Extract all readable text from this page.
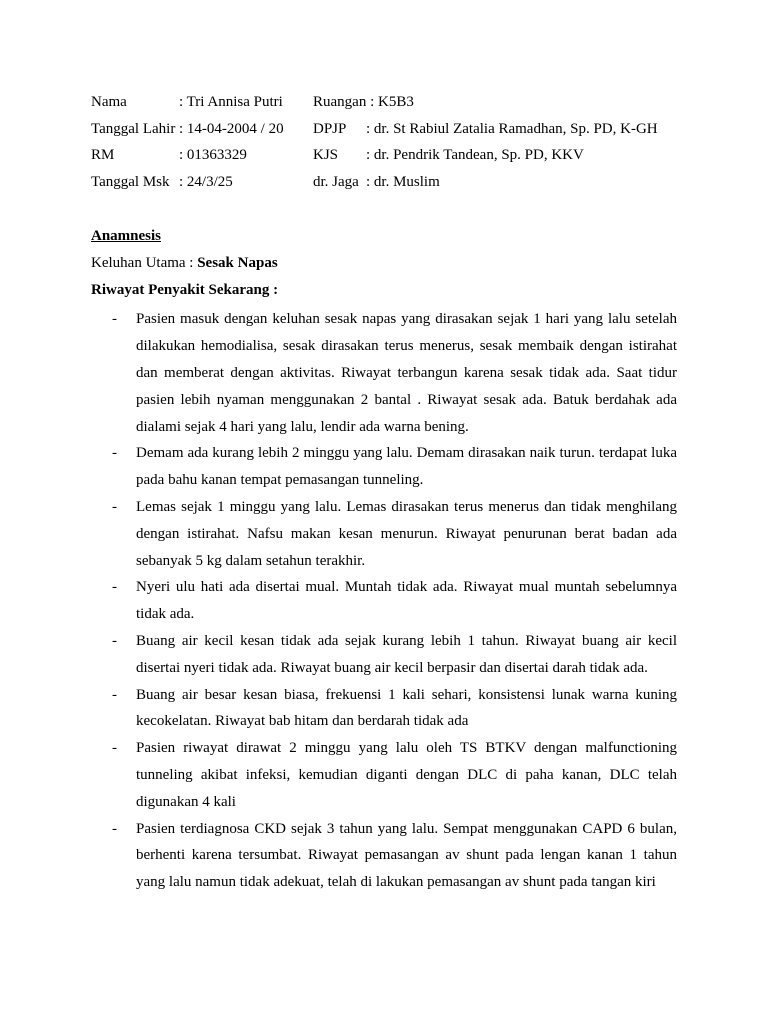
Nama	: Tri Annisa Putri Ruangan : K5B3
Tanggal Lahir : 14-04-2004 / 20 DPJP : dr. St Rabiul Zatalia Ramadhan, Sp. PD, K-GH
RM	: 01363329	KJS : dr. Pendrik Tandean, Sp. PD, KKV
Tanggal Msk : 24/3/25	dr. Jaga : dr. Muslim
Anamnesis
Keluhan Utama : Sesak Napas
Riwayat Penyakit Sekarang :
- Pasien masuk dengan keluhan sesak napas yang dirasakan sejak 1 hari yang lalu setelah dilakukan hemodialisa, sesak dirasakan terus menerus, sesak membaik dengan istirahat dan memberat dengan aktivitas. Riwayat terbangun karena sesak tidak ada. Saat tidur pasien lebih nyaman menggunakan 2 bantal . Riwayat sesak ada. Batuk berdahak ada dialami sejak 4 hari yang lalu, lendir ada warna bening.
- Demam ada kurang lebih 2 minggu yang lalu. Demam dirasakan naik turun. terdapat luka pada bahu kanan tempat pemasangan tunneling.
- Lemas sejak 1 minggu yang lalu. Lemas dirasakan terus menerus dan tidak menghilang dengan istirahat. Nafsu makan kesan menurun. Riwayat penurunan berat badan ada sebanyak 5 kg dalam setahun terakhir.
- Nyeri ulu hati ada disertai mual. Muntah tidak ada. Riwayat mual muntah sebelumnya tidak ada.
- Buang air kecil kesan tidak ada sejak kurang lebih 1 tahun. Riwayat buang air kecil disertai nyeri tidak ada. Riwayat buang air kecil berpasir dan disertai darah tidak ada.
- Buang air besar kesan biasa, frekuensi 1 kali sehari, konsistensi lunak warna kuning kecokelatan. Riwayat bab hitam dan berdarah tidak ada
- Pasien riwayat dirawat 2 minggu yang lalu oleh TS BTKV dengan malfunctioning tunneling akibat infeksi, kemudian diganti dengan DLC di paha kanan, DLC telah digunakan 4 kali
- Pasien terdiagnosa CKD sejak 3 tahun yang lalu. Sempat menggunakan CAPD 6 bulan, berhenti karena tersumbat. Riwayat pemasangan av shunt pada lengan kanan 1 tahun yang lalu namun tidak adekuat, telah di lakukan pemasangan av shunt pada tangan kiri
